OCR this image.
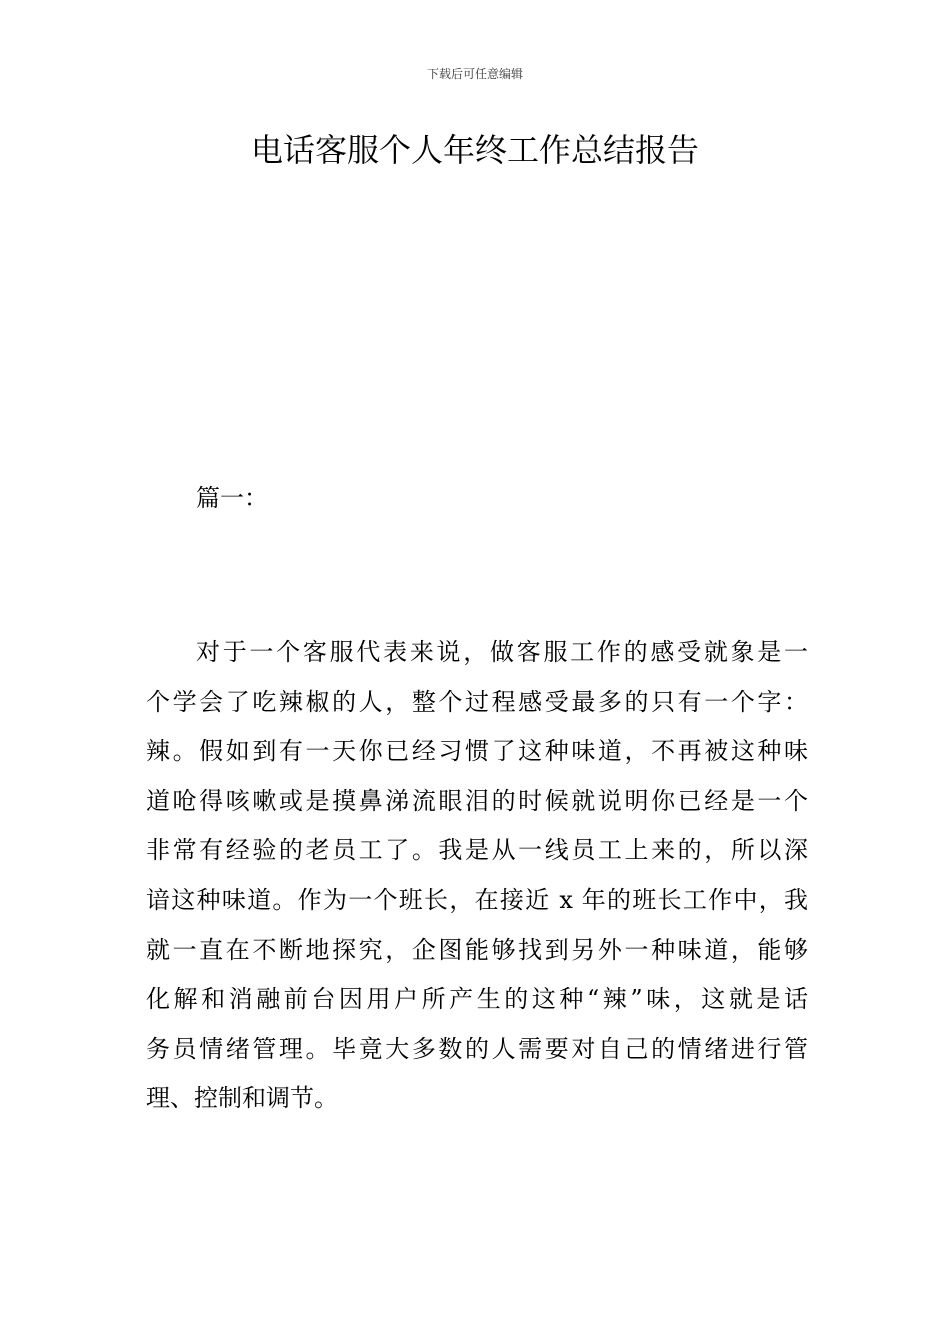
下载后可任意编辑
电话客服个人年终工作总结报告
篇一：

对于一个客服代表来说，做客服工作的感受就象是一
个学会了吃辣椒的人，整个过程感受最多的只有一个字：
辣。假如到有一天你已经习惯了这种味道，不再被这种味
道呛得咳嗽或是摸鼻涕流眼泪的时候就说明你已经是一个
非常有经验的老员工了。我是从一线员工上来的，所以深
谙这种味道。作为一个班长，在接近 x 年的班长工作中，我
就一直在不断地探究，企图能够找到另外一种味道，能够
化解和消融前台因用户所产生的这种“辣”味，这就是话
务员情绪管理。毕竟大多数的人需要对自己的情绪进行管
理、控制和调节。
